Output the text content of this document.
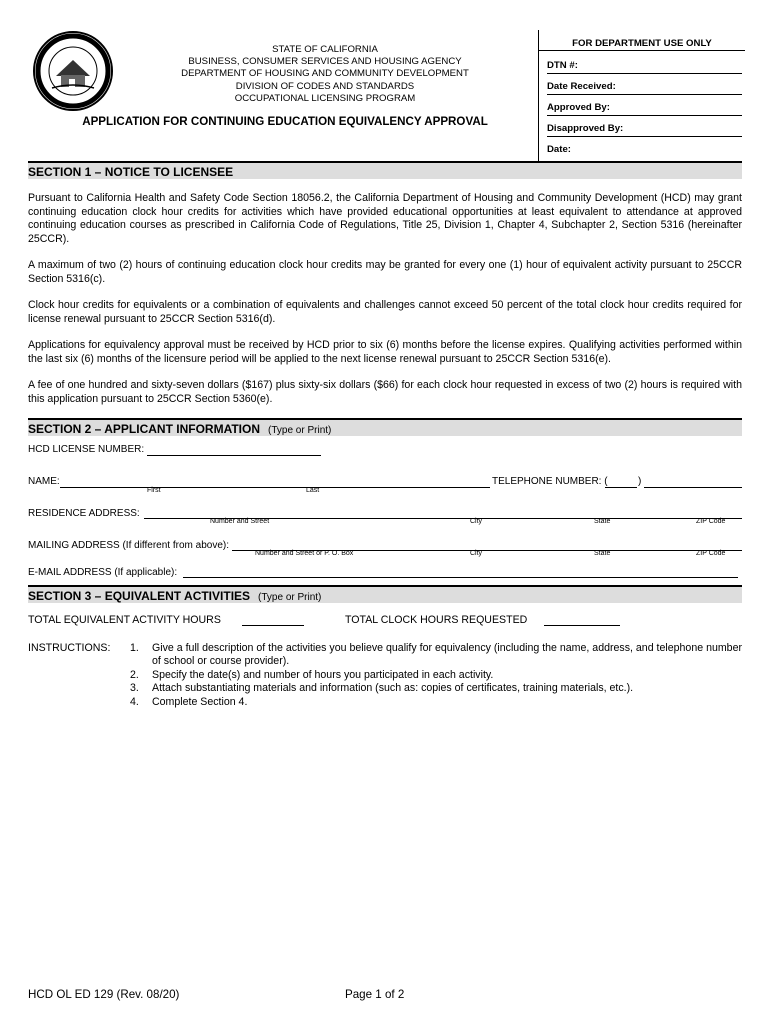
STATE OF CALIFORNIA
BUSINESS, CONSUMER SERVICES AND HOUSING AGENCY
DEPARTMENT OF HOUSING AND COMMUNITY DEVELOPMENT
DIVISION OF CODES AND STANDARDS
OCCUPATIONAL LICENSING PROGRAM
APPLICATION FOR CONTINUING EDUCATION EQUIVALENCY APPROVAL
FOR DEPARTMENT USE ONLY
DTN #:
Date Received:
Approved By:
Disapproved By:
Date:
SECTION 1 – NOTICE TO LICENSEE
Pursuant to California Health and Safety Code Section 18056.2, the California Department of Housing and Community Development (HCD) may grant continuing education clock hour credits for activities which have provided educational opportunities at least equivalent to attendance at approved continuing education courses as prescribed in California Code of Regulations, Title 25, Division 1, Chapter 4, Subchapter 2, Section 5316 (hereinafter 25CCR).
A maximum of two (2) hours of continuing education clock hour credits may be granted for every one (1) hour of equivalent activity pursuant to 25CCR Section 5316(c).
Clock hour credits for equivalents or a combination of equivalents and challenges cannot exceed 50 percent of the total clock hour credits required for license renewal pursuant to 25CCR Section 5316(d).
Applications for equivalency approval must be received by HCD prior to six (6) months before the license expires. Qualifying activities performed within the last six (6) months of the licensure period will be applied to the next license renewal pursuant to 25CCR Section 5316(e).
A fee of one hundred and sixty-seven dollars ($167) plus sixty-six dollars ($66) for each clock hour requested in excess of two (2) hours is required with this application pursuant to 25CCR Section 5360(e).
SECTION 2 – APPLICANT INFORMATION (Type or Print)
HCD LICENSE NUMBER:
NAME:
First	Last
TELEPHONE NUMBER: (	)
RESIDENCE ADDRESS:
Number and Street	City	State	ZIP Code
MAILING ADDRESS (If different from above):
Number and Street or P. O. Box	City	State	ZIP Code
E-MAIL ADDRESS (If applicable):
SECTION 3 – EQUIVALENT ACTIVITIES (Type or Print)
TOTAL EQUIVALENT ACTIVITY HOURS	TOTAL CLOCK HOURS REQUESTED
INSTRUCTIONS: 1.	Give a full description of the activities you believe qualify for equivalency (including the name, address, and telephone number of school or course provider).
2.	Specify the date(s) and number of hours you participated in each activity.
3.	Attach substantiating materials and information (such as: copies of certificates, training materials, etc.).
4.	Complete Section 4.
HCD OL ED 129 (Rev. 08/20)	Page 1 of 2
